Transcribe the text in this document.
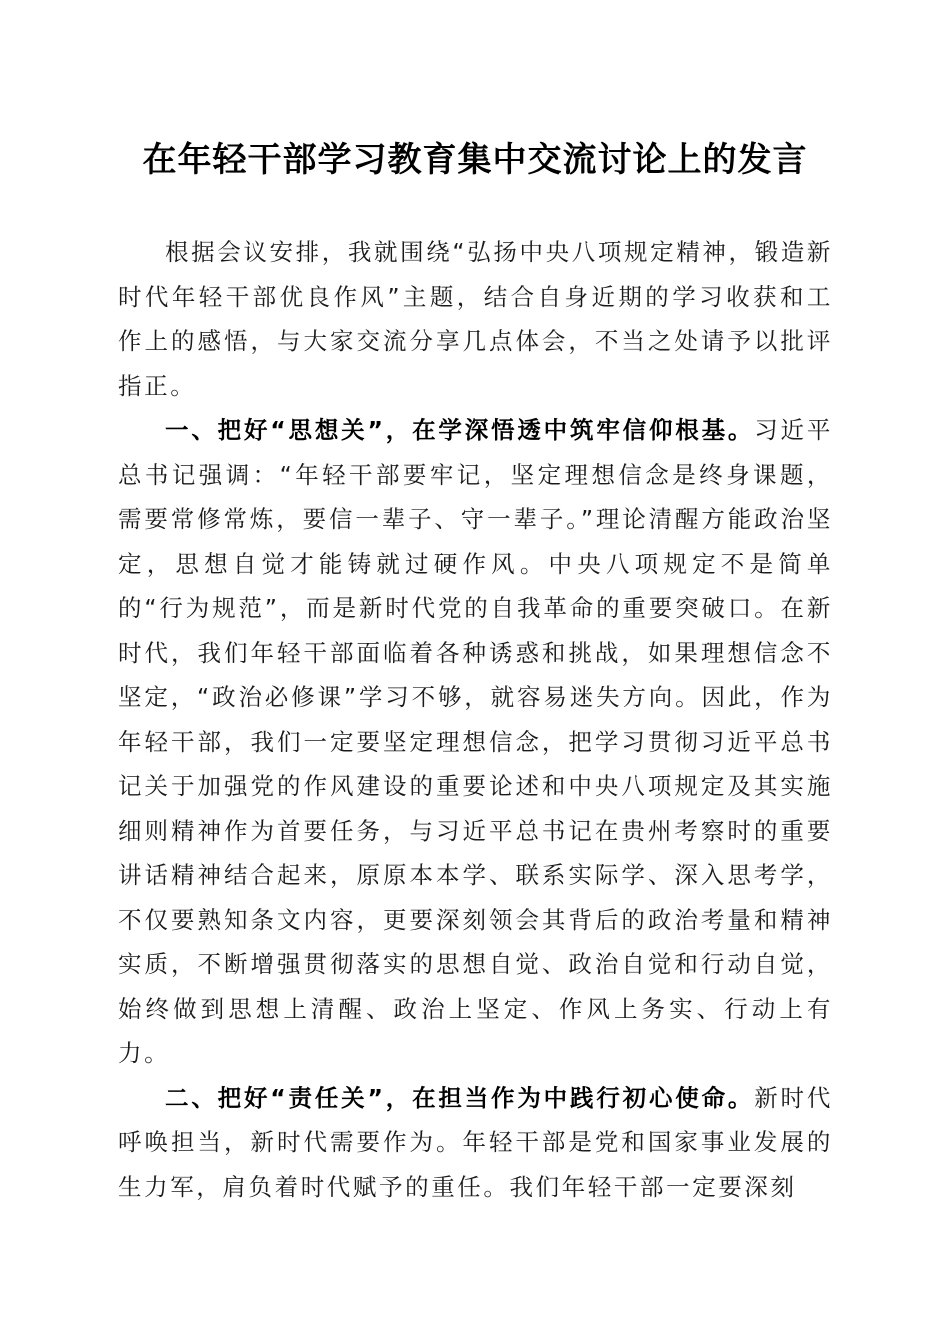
在年轻干部学习教育集中交流讨论上的发言

根据会议安排，我就围绕“弘扬中央八项规定精神，锻造新时代年轻干部优良作风”主题，结合自身近期的学习收获和工作上的感悟，与大家交流分享几点体会，不当之处请予以批评指正。

一、把好“思想关”，在学深悟透中筑牢信仰根基。习近平总书记强调：“年轻干部要牢记，坚定理想信念是终身课题，需要常修常炼，要信一辈子、守一辈子。”理论清醒方能政治坚定，思想自觉才能铸就过硬作风。中央八项规定不是简单的“行为规范”，而是新时代党的自我革命的重要突破口。在新时代，我们年轻干部面临着各种诱惑和挑战，如果理想信念不坚定，“政治必修课”学习不够，就容易迷失方向。因此，作为年轻干部，我们一定要坚定理想信念，把学习贯彻习近平总书记关于加强党的作风建设的重要论述和中央八项规定及其实施细则精神作为首要任务，与习近平总书记在贵州考察时的重要讲话精神结合起来，原原本本学、联系实际学、深入思考学，不仅要熟知条文内容，更要深刻领会其背后的政治考量和精神实质，不断增强贯彻落实的思想自觉、政治自觉和行动自觉，始终做到思想上清醒、政治上坚定、作风上务实、行动上有力。

二、把好“责任关”，在担当作为中践行初心使命。新时代呼唤担当，新时代需要作为。年轻干部是党和国家事业发展的生力军，肩负着时代赋予的重任。我们年轻干部一定要深刻
